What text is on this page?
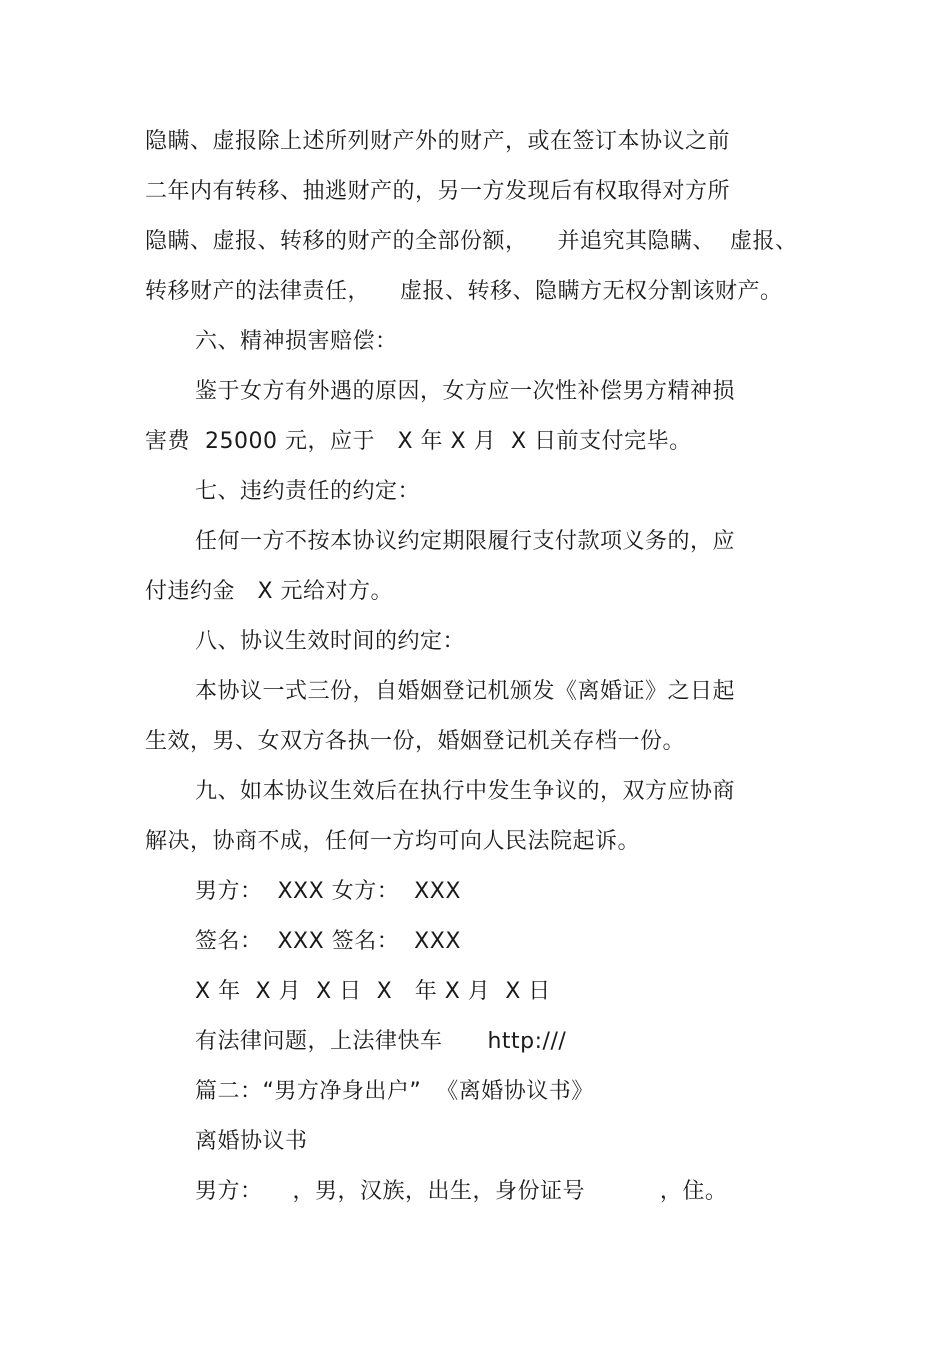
隐瞒、虚报除上述所列财产外的财产，或在签订本协议之前
二年内有转移、抽逃财产的，另一方发现后有权取得对方所
隐瞒、虚报、转移的财产的全部份额，    并追究其隐瞒、  虚报、
转移财产的法律责任，    虚报、转移、隐瞒方无权分割该财产。
六、精神损害赔偿：
鉴于女方有外遇的原因，女方应一次性补偿男方精神损
害费  25000 元，应于   X 年 X 月  X 日前支付完毕。
七、违约责任的约定：
任何一方不按本协议约定期限履行支付款项义务的，应
付违约金   X 元给对方。
八、协议生效时间的约定：
本协议一式三份，自婚姻登记机颁发《离婚证》之日起
生效，男、女双方各执一份，婚姻登记机关存档一份。
九、如本协议生效后在执行中发生争议的，双方应协商
解决，协商不成，任何一方均可向人民法院起诉。
男方：  XXX 女方：  XXX
签名：  XXX 签名：  XXX
X 年  X 月  X 日  X   年 X 月  X 日
有法律问题，上法律快车      http:///
篇二：“男方净身出户”  《离婚协议书》
离婚协议书
男方：    ，男，汉族，出生，身份证号          ，住。
